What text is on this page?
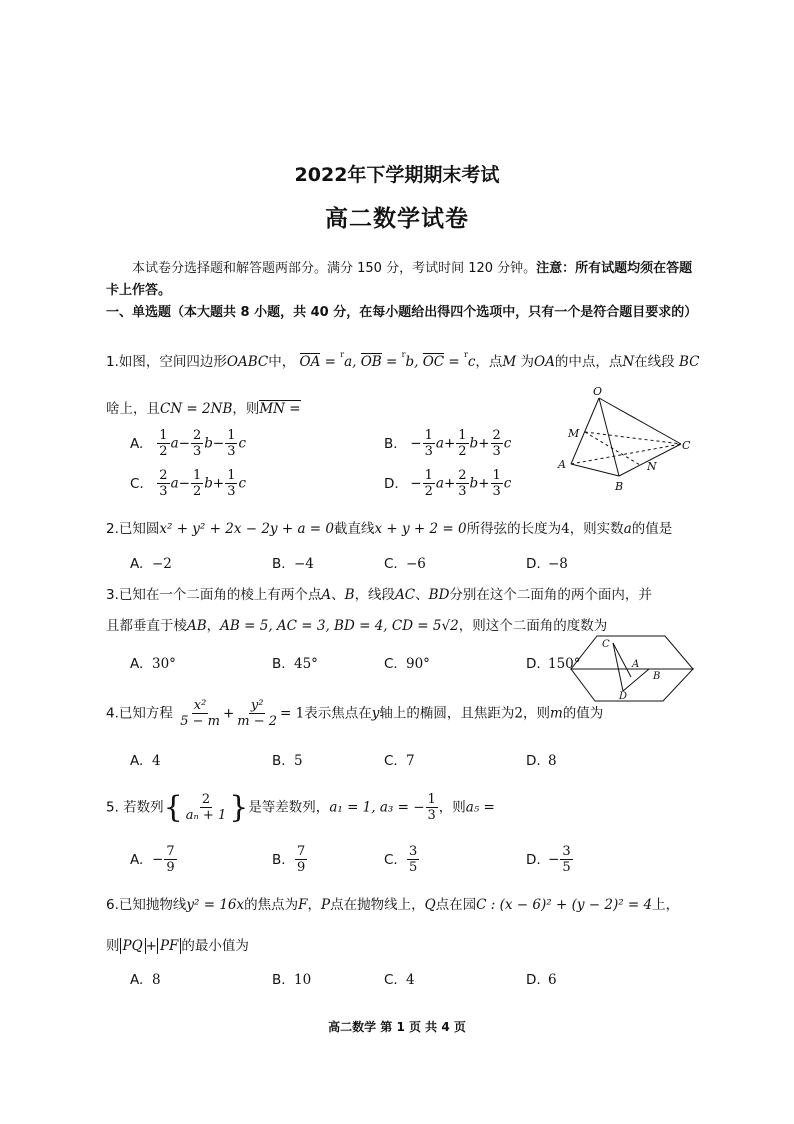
2022年下学期期末考试
高二数学试卷
本试卷分选择题和解答题两部分。满分 150 分，考试时间 120 分钟。注意：所有试题均须在答题卡上作答。
一、单选题（本大题共 8 小题，共 40 分，在每小题给出得四个选项中，只有一个是符合题目要求的）
1.如图，空间四边形OABC中， OA = $^r$a, OB = $^r$b, OC = $^r$c，点M 为OA的中点，点N在线段 BC
啥上，且CN = 2NB，则MN =
A. $\frac{1}{2} a- \frac{2}{3} b- \frac{1}{3}$ c	B. − $\frac{1}{3} a+ \frac{1}{2} b+ \frac{2}{3}$ c
C. $\frac{2}{3} a- \frac{1}{2} b+ \frac{1}{3}$ c	D. − $\frac{1}{2} a+ \frac{2}{3} b+ \frac{1}{3}$ c
O
M
A
B
N
C
2.已知圆x² + y² + 2x − 2y + a = 0截直线x + y + 2 = 0所得弦的长度为4，则实数a的值是
A. −2	B. −4	C. −6	D. −8
3.已知在一个二面角的棱上有两个点A、B，线段AC、BD分别在这个二面角的两个面内，并
且都垂直于棱AB，AB = 5, AC = 3, BD = 4, CD = 5√2，则这个二面角的度数为
A. 30°	B. 45°	C. 90°	D. 150°
C
A
B
D
4.已知方程 $\frac{\text{x²}}{5 - m} + \frac{\text{y²}}{m - 2} = 1$表示焦点在y轴上的椭圆，且焦距为2，则m的值为
A. 4	B. 5	C. 7	D. 8
5. 若数列{ $\frac{2}{\text{aₙ + 1}}$ }是等差数列，a₁ = 1, a₃ = − $\frac{1}{3}$ ，则a₅ =
A. − $\frac{7}{9}$	B. $\frac{7}{9}$	C. $\frac{3}{5}$	D. − $\frac{3}{5}$
6.已知抛物线y² = 16x的焦点为F，P点在抛物线上，Q点在园C : (x − 6)² + (y − 2)² = 4上，
则 PQ + PF 的最小值为
A. 8	B. 10	C. 4	D. 6
高二数学 第 1 页 共 4 页
